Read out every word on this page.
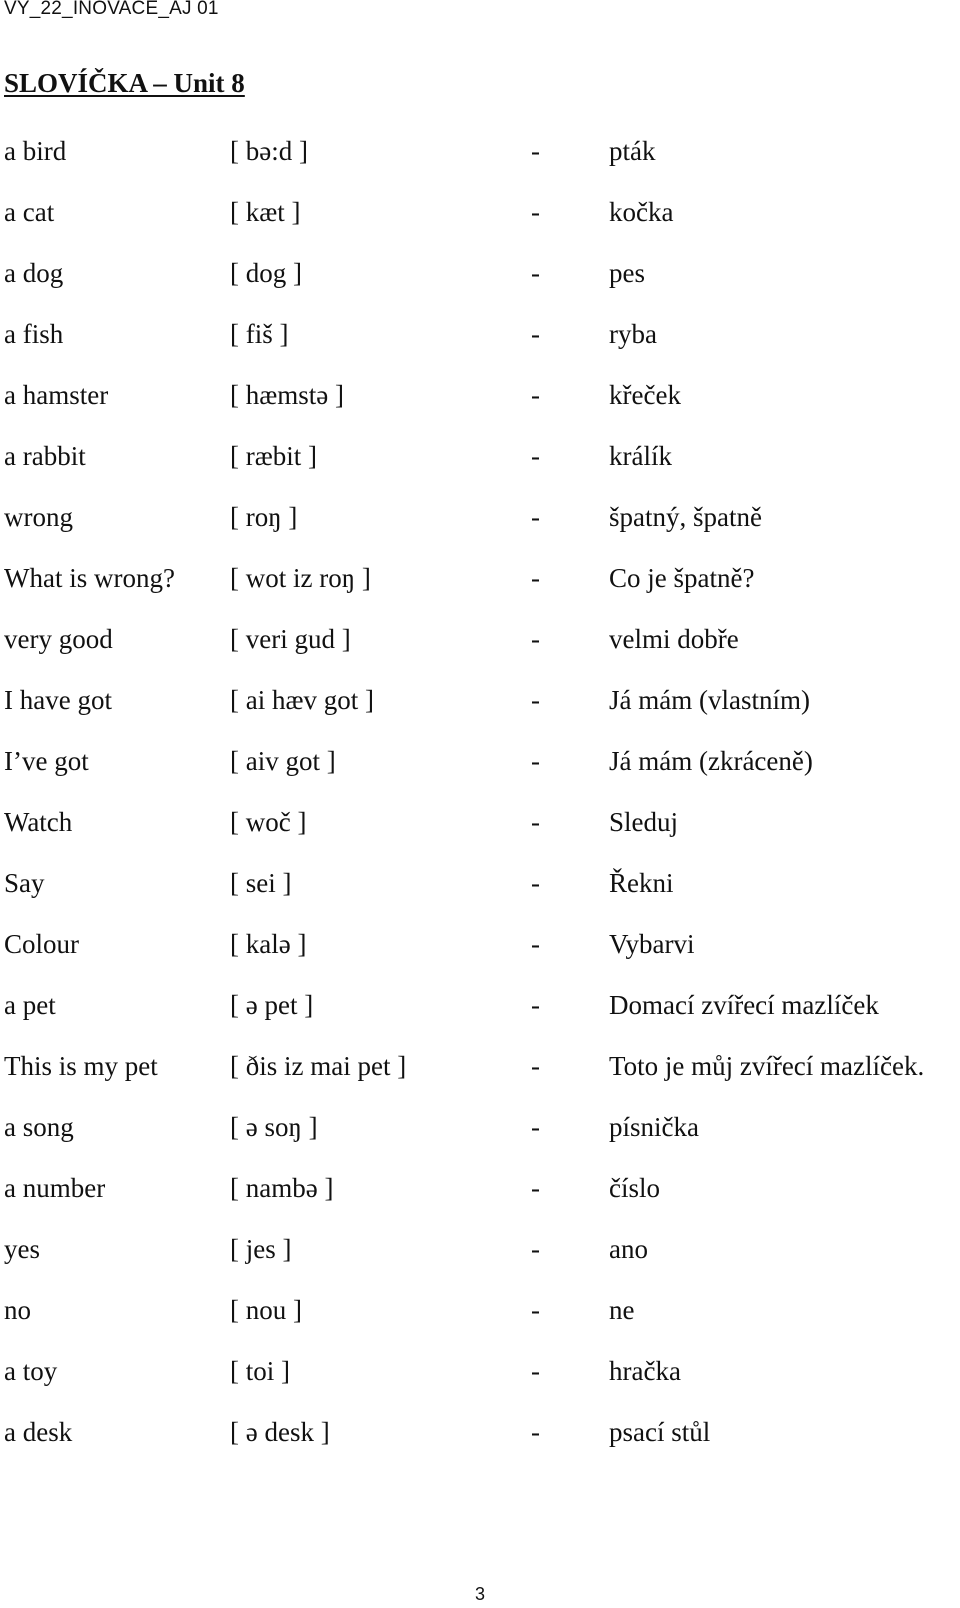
VY_22_INOVACE_AJ 01
SLOVÍČKA – Unit 8
a bird	[ bə:d ]	-	pták
a cat	[ kæt ]	-	kočka
a dog	[ dog ]	-	pes
a fish	[ fiš ]	-	ryba
a hamster	[ hæmstə ]	-	křeček
a rabbit	[ ræbit ]	-	králík
wrong	[ roŋ ]	-	špatný, špatně
What is wrong? [ wot iz roŋ ]	-	Co je špatně?
very good	[ veri gud ]	-	velmi dobře
I have got	[ ai hæv got ]	-	Já mám (vlastním)
I’ve got	[ aiv got ]	-	Já mám (zkráceně)
Watch	[ woč ]	-	Sleduj
Say	[ sei ]	-	Řekni
Colour	[ kalə ]	-	Vybarvi
a pet	[ ə pet ]	-	Domací zvířecí mazlíček
This is my pet	[ ðis iz mai pet ]	-	Toto je můj zvířecí mazlíček.
a song	[ ə soŋ ]	-	písnička
a number	[ nambə ]	-	číslo
yes	[ jes ]	-	ano
no	[ nou ]	-	ne
a toy	[ toi ]	-	hračka
a desk	[ ə desk ]	-	psací stůl
3
